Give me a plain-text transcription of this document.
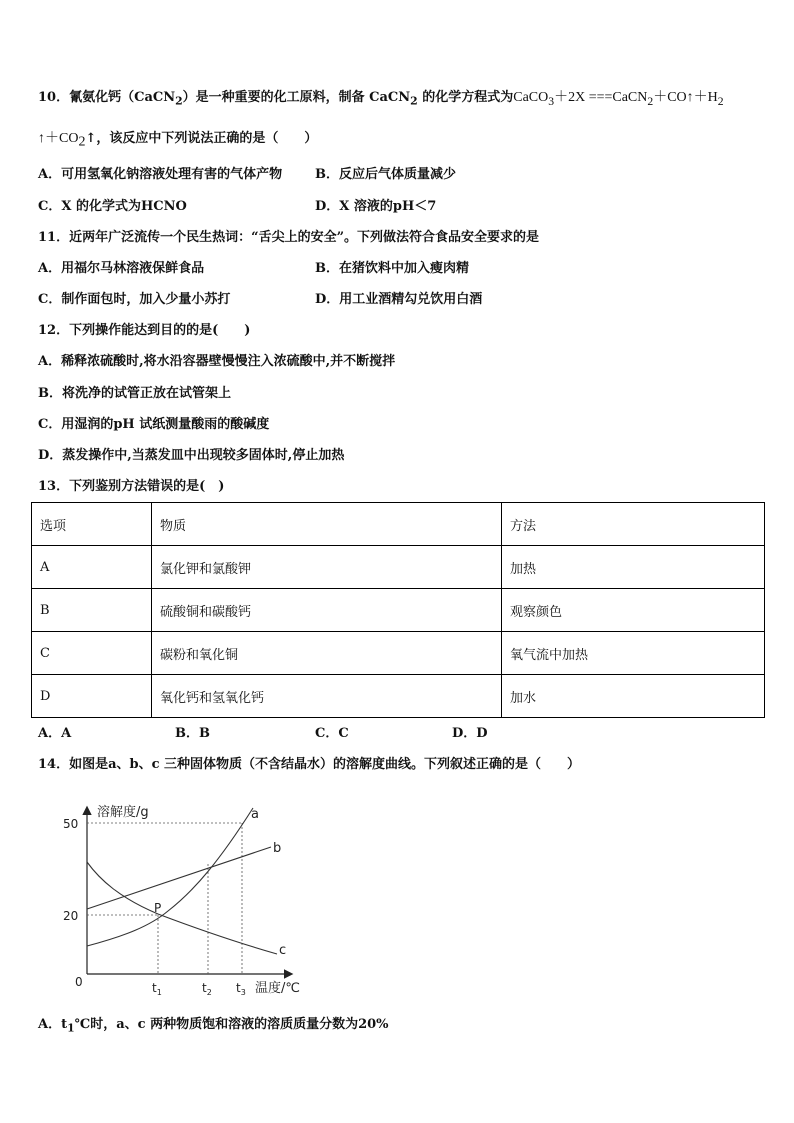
10．氰氨化钙（CaCN$_2$）是一种重要的化工原料，制备 CaCN$_2$ 的化学方程式为CaCO$_3$＋2X $===CaCN_2+CO↑+H_2$
$↑+CO_2↑$，该反应中下列说法正确的是（　　）
A．可用氢氧化钠溶液处理有害的气体产物	B．反应后气体质量减少
C．X 的化学式为HCNO	D．X 溶液的pH＜7
11．近两年广泛流传一个民生热词：“舌尖上的安全”。下列做法符合食品安全要求的是
A．用福尔马林溶液保鲜食品	B．在猪饮料中加入瘦肉精
C．制作面包时，加入少量小苏打	D．用工业酒精勾兑饮用白酒
12．下列操作能达到目的的是(　　)
A．稀释浓硫酸时,将水沿容器壁慢慢注入浓硫酸中,并不断搅拌
B．将洗净的试管正放在试管架上
C．用湿润的pH 试纸测量酸雨的酸碱度
D．蒸发操作中,当蒸发皿中出现较多固体时,停止加热
13．下列鉴别方法错误的是(　)
选项	物质	方法
A	氯化钾和氯酸钾	加热
B	硫酸铜和碳酸钙	观察颜色
C	碳粉和氧化铜	氧气流中加热
D	氧化钙和氢氧化钙	加水
A．A	B．B	C．C	D．D
14．如图是a、b、c 三种固体物质（不含结晶水）的溶解度曲线。下列叙述正确的是（　　）
溶解度/g
温度/℃
0
50
20
$t_1$	$t_2$ $t_3$
a
b
c
P
A．$t_1℃$时，a、c 两种物质饱和溶液的溶质质量分数为20%
